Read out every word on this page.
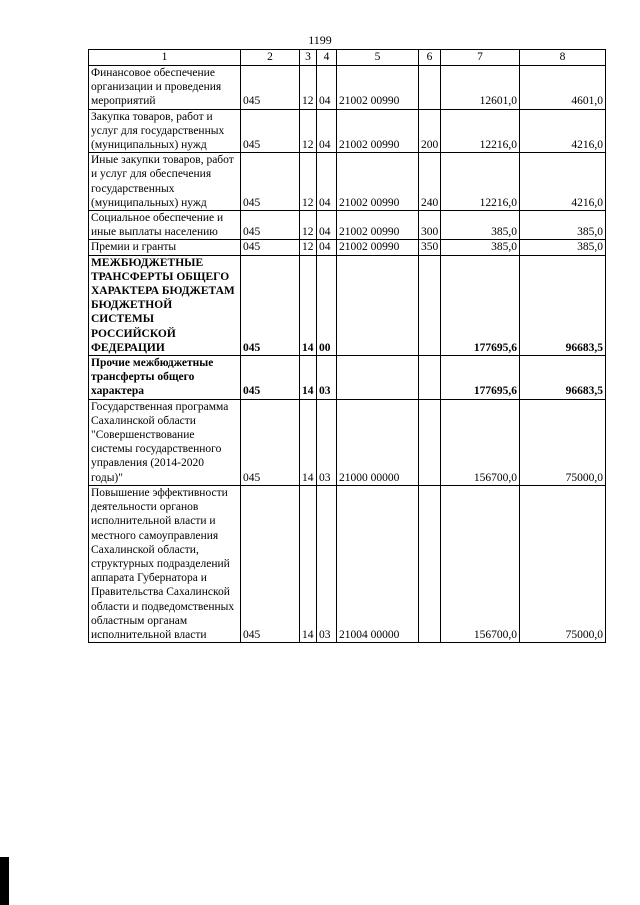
1199
1	2	3	4	5	6	7	8
Финансовое обеспечение организации и проведения мероприятий	045	12	04	21002 00990		12601,0	4601,0
Закупка товаров, работ и услуг для государственных (муниципальных) нужд	045	12	04	21002 00990	200	12216,0	4216,0
Иные закупки товаров, работ и услуг для обеспечения государственных (муниципальных) нужд	045	12	04	21002 00990	240	12216,0	4216,0
Социальное обеспечение и иные выплаты населению	045	12	04	21002 00990	300	385,0	385,0
Премии и гранты	045	12	04	21002 00990	350	385,0	385,0
МЕЖБЮДЖЕТНЫЕ ТРАНСФЕРТЫ ОБЩЕГО ХАРАКТЕРА БЮДЖЕТАМ БЮДЖЕТНОЙ СИСТЕМЫ РОССИЙСКОЙ ФЕДЕРАЦИИ	045	14	00			177695,6	96683,5
Прочие межбюджетные трансферты общего характера	045	14	03			177695,6	96683,5
Государственная программа Сахалинской области "Совершенствование системы государственного управления (2014-2020 годы)"	045	14	03	21000 00000		156700,0	75000,0
Повышение эффективности деятельности органов исполнительной власти и местного самоуправления Сахалинской области, структурных подразделений аппарата Губернатора и Правительства Сахалинской области и подведомственных областным органам исполнительной власти	045	14	03	21004 00000		156700,0	75000,0
